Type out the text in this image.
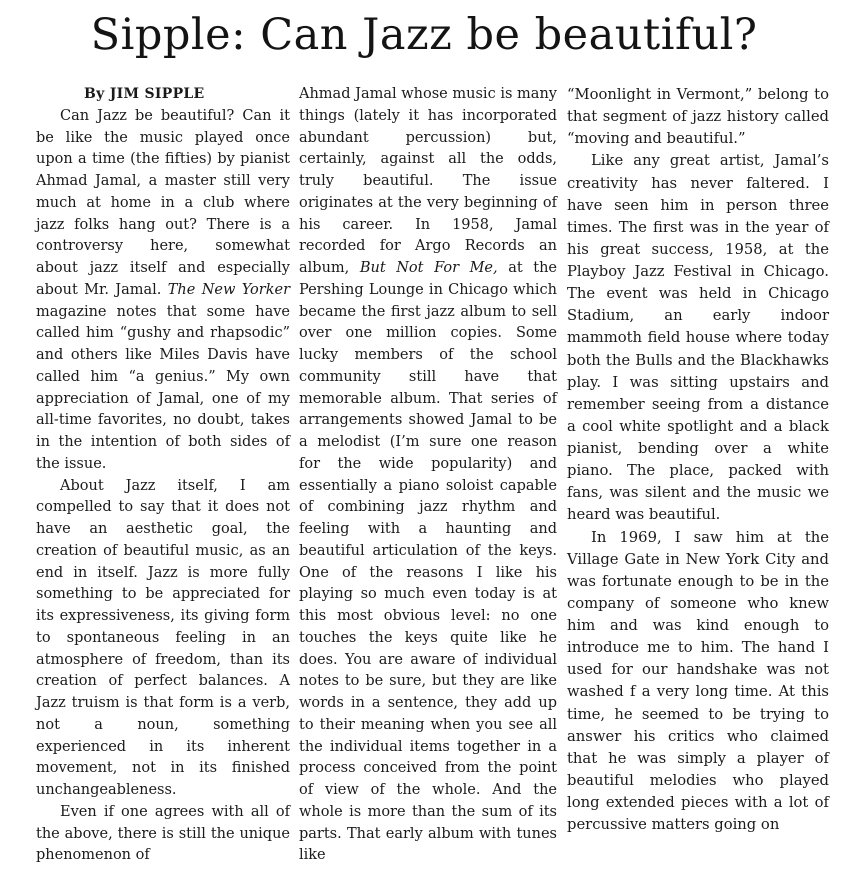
Sipple: Can Jazz be beautiful?
By JIM SIPPLE

Can Jazz be beautiful? Can it be like the music played once upon a time (the fifties) by pianist Ahmad Jamal, a master still very much at home in a club where jazz folks hang out? There is a controversy here, somewhat about jazz itself and especially about Mr. Jamal. The New Yorker magazine notes that some have called him “gushy and rhapsodic” and others like Miles Davis have called him “a genius.” My own appreciation of Jamal, one of my all-time favorites, no doubt, takes in the intention of both sides of the issue.

About Jazz itself, I am compelled to say that it does not have an aesthetic goal, the creation of beautiful music, as an end in itself. Jazz is more fully something to be appreciated for its expressiveness, its giving form to spontaneous feeling in an atmosphere of freedom, than its creation of perfect balances. A Jazz truism is that form is a verb, not a noun, something experienced in its inherent movement, not in its finished unchangeableness.

Even if one agrees with all of the above, there is still the unique phenomenon of

Ahmad Jamal whose music is many things (lately it has incorporated abundant percussion) but, certainly, against all the odds, truly beautiful. The issue originates at the very beginning of his career. In 1958, Jamal recorded for Argo Records an album, But Not For Me, at the Pershing Lounge in Chicago which became the first jazz album to sell over one million copies. Some lucky members of the school community still have that memorable album. That series of arrangements showed Jamal to be a melodist (I’m sure one reason for the wide popularity) and essentially a piano soloist capable of combining jazz rhythm and feeling with a haunting and beautiful articulation of the keys. One of the reasons I like his playing so much even today is at this most obvious level: no one touches the keys quite like he does. You are aware of individual notes to be sure, but they are like words in a sentence, they add up to their meaning when you see all the individual items together in a process conceived from the point of view of the whole. And the whole is more than the sum of its parts. That early album with tunes like

“Moonlight in Vermont,” belong to that segment of jazz history called “moving and beautiful.”

Like any great artist, Jamal’s creativity has never faltered. I have seen him in person three times. The first was in the year of his great success, 1958, at the Playboy Jazz Festival in Chicago. The event was held in Chicago Stadium, an early indoor mammoth field house where today both the Bulls and the Blackhawks play. I was sitting upstairs and remember seeing from a distance a cool white spotlight and a black pianist, bending over a white piano. The place, packed with fans, was silent and the music we heard was beautiful.

In 1969, I saw him at the Village Gate in New York City and was fortunate enough to be in the company of someone who knew him and was kind enough to introduce me to him. The hand I used for our handshake was not washed f a very long time. At this time, he seemed to be trying to answer his critics who claimed that he was simply a player of beautiful melodies who played long extended pieces with a lot of percussive matters going on
